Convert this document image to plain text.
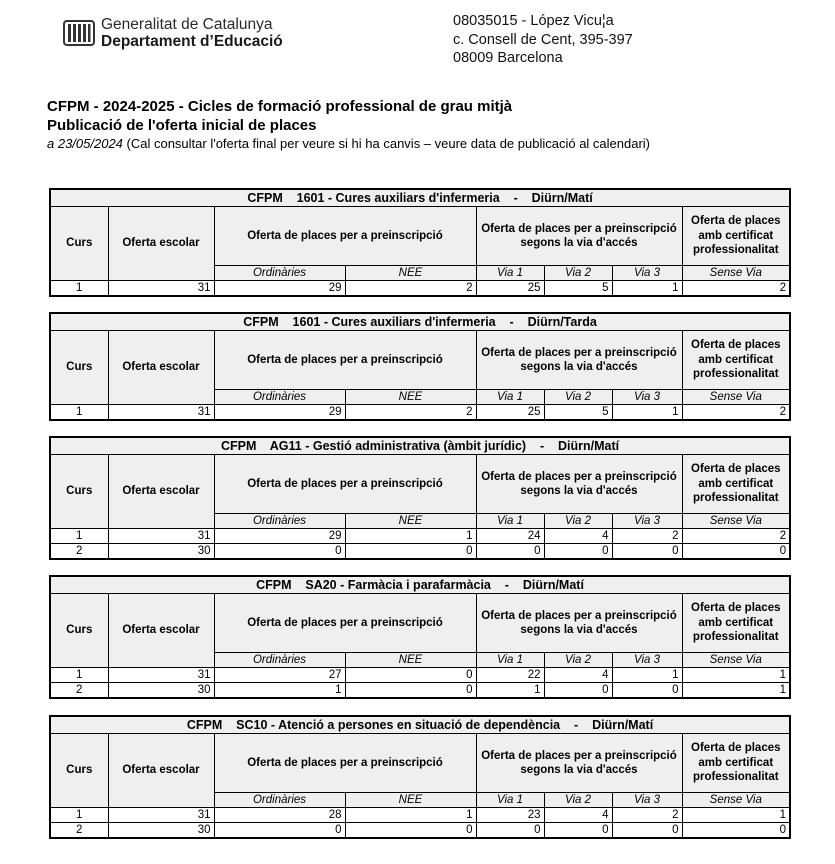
Generalitat de Catalunya
Departament d’Educació
08035015 - López Vicu¦a
c. Consell de Cent, 395-397
08009 Barcelona
CFPM - 2024-2025 - Cicles de formació professional de grau mitjà
Publicació de l'oferta inicial de places
a 23/05/2024 (Cal consultar l'oferta final per veure si hi ha canvis – veure data de publicació al calendari)
CFPM    1601 - Cures auxiliars d'infermeria    -    Diürn/Matí							
Curs	Oferta escolar	Oferta de places per a preinscripció		Oferta de places per a preinscripció segons la via d'accés			Oferta de places amb certificat professionalitat
		Ordinàries	NEE	Via 1	Via 2	Via 3	Sense Via
1	31	29	2	25	5	1	2
CFPM    1601 - Cures auxiliars d'infermeria    -    Diürn/Tarda							
Curs	Oferta escolar	Oferta de places per a preinscripció		Oferta de places per a preinscripció segons la via d'accés			Oferta de places amb certificat professionalitat
		Ordinàries	NEE	Via 1	Via 2	Via 3	Sense Via
1	31	29	2	25	5	1	2
CFPM    AG11 - Gestió administrativa (àmbit jurídic)    -    Diürn/Matí							
Curs	Oferta escolar	Oferta de places per a preinscripció		Oferta de places per a preinscripció segons la via d'accés			Oferta de places amb certificat professionalitat
		Ordinàries	NEE	Via 1	Via 2	Via 3	Sense Via
1	31	29	1	24	4	2	2
2	30	0	0	0	0	0	0
CFPM    SA20 - Farmàcia i parafarmàcia    -    Diürn/Matí							
Curs	Oferta escolar	Oferta de places per a preinscripció		Oferta de places per a preinscripció segons la via d'accés			Oferta de places amb certificat professionalitat
		Ordinàries	NEE	Via 1	Via 2	Via 3	Sense Via
1	31	27	0	22	4	1	1
2	30	1	0	1	0	0	1
CFPM    SC10 - Atenció a persones en situació de dependència    -    Diürn/Matí							
Curs	Oferta escolar	Oferta de places per a preinscripció		Oferta de places per a preinscripció segons la via d'accés			Oferta de places amb certificat professionalitat
		Ordinàries	NEE	Via 1	Via 2	Via 3	Sense Via
1	31	28	1	23	4	2	1
2	30	0	0	0	0	0	0
